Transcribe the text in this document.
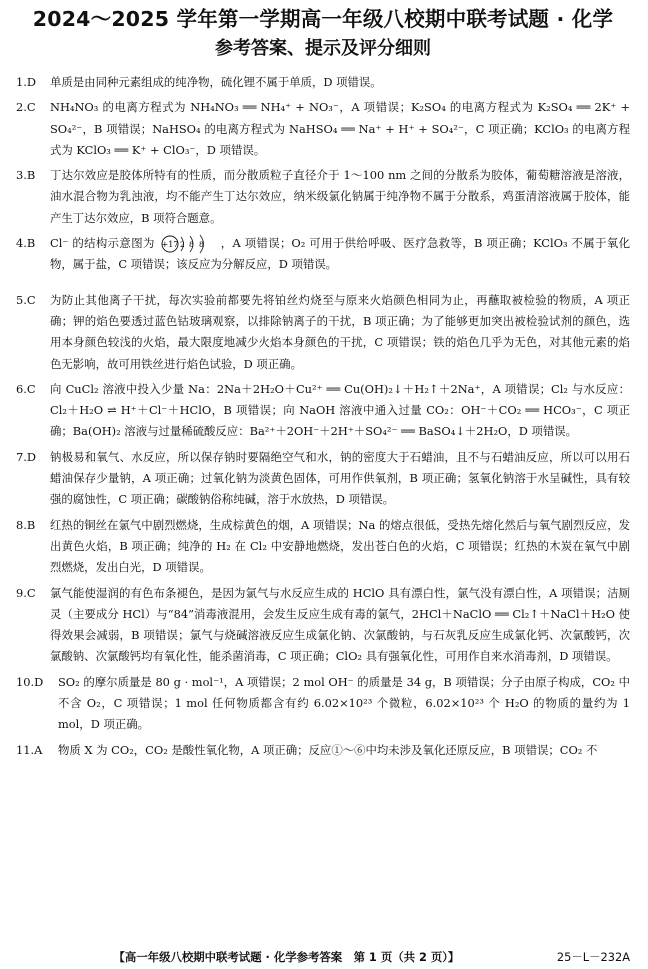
2024～2025 学年第一学期高一年级八校期中联考试题 · 化学
参考答案、提示及评分细则
1.D	单质是由同种元素组成的纯净物，硫化锂不属于单质，D 项错误。
2.C	NH₄NO₃ 的电离方程式为 NH₄NO₃ ══ NH₄⁺ + NO₃⁻，A 项错误；K₂SO₄ 的电离方程式为 K₂SO₄ ══ 2K⁺ + SO₄²⁻，B 项错误；NaHSO₄ 的电离方程式为 NaHSO₄ ══ Na⁺ + H⁺ + SO₄²⁻，C 项正确；KClO₃ 的电离方程式为 KClO₃ ══ K⁺ + ClO₃⁻，D 项错误。
3.B	丁达尔效应是胶体所特有的性质，而分散质粒子直径介于 1～100 nm 之间的分散系为胶体，葡萄糖溶液是溶液，油水混合物为乳浊液，均不能产生丁达尔效应，纳米级氯化钠属于纯净物不属于分散系，鸡蛋清溶液属于胶体，能产生丁达尔效应，B 项符合题意。
4.B	Cl⁻ 的结构示意图为 +17 2 8 8 ，A 项错误；O₂ 可用于供给呼吸、医疗急救等，B 项正确；KClO₃ 不属于氧化物，属于盐，C 项错误；该反应为分解反应，D 项错误。
5.C	为防止其他离子干扰，每次实验前都要先将铂丝灼烧至与原来火焰颜色相同为止，再蘸取被检验的物质，A 项正确；钾的焰色要透过蓝色钴玻璃观察，以排除钠离子的干扰，B 项正确；为了能够更加突出被检验试剂的颜色，选用本身颜色较浅的火焰，最大限度地减少火焰本身颜色的干扰，C 项错误；铁的焰色几乎为无色，对其他元素的焰色无影响，故可用铁丝进行焰色试验，D 项正确。
6.C	向 CuCl₂ 溶液中投入少量 Na：2Na＋2H₂O＋Cu²⁺ ══ Cu(OH)₂↓＋H₂↑＋2Na⁺，A 项错误；Cl₂ 与水反应：Cl₂＋H₂O ⇌ H⁺＋Cl⁻＋HClO，B 项错误；向 NaOH 溶液中通入过量 CO₂：OH⁻＋CO₂ ══ HCO₃⁻，C 项正确；Ba(OH)₂ 溶液与过量稀硫酸反应：Ba²⁺＋2OH⁻＋2H⁺＋SO₄²⁻ ══ BaSO₄↓＋2H₂O，D 项错误。
7.D	钠极易和氧气、水反应，所以保存钠时要隔绝空气和水，钠的密度大于石蜡油，且不与石蜡油反应，所以可以用石蜡油保存少量钠，A 项正确；过氧化钠为淡黄色固体，可用作供氧剂，B 项正确；氢氧化钠溶于水呈碱性，具有较强的腐蚀性，C 项正确；碳酸钠俗称纯碱，溶于水放热，D 项错误。
8.B	红热的铜丝在氯气中剧烈燃烧，生成棕黄色的烟，A 项错误；Na 的熔点很低，受热先熔化然后与氧气剧烈反应，发出黄色火焰，B 项正确；纯净的 H₂ 在 Cl₂ 中安静地燃烧，发出苍白色的火焰，C 项错误；红热的木炭在氧气中剧烈燃烧，发出白光，D 项错误。
9.C	氯气能使湿润的有色布条褪色，是因为氯气与水反应生成的 HClO 具有漂白性，氯气没有漂白性，A 项错误；洁厕灵（主要成分 HCl）与“84”消毒液混用，会发生反应生成有毒的氯气，2HCl＋NaClO ══ Cl₂↑＋NaCl＋H₂O 使得效果会减弱，B 项错误；氯气与烧碱溶液反应生成氯化钠、次氯酸钠，与石灰乳反应生成氯化钙、次氯酸钙，次氯酸钠、次氯酸钙均有氧化性，能杀菌消毒，C 项正确；ClO₂ 具有强氧化性，可用作自来水消毒剂，D 项错误。
10.D	SO₂ 的摩尔质量是 80 g · mol⁻¹，A 项错误；2 mol OH⁻ 的质量是 34 g，B 项错误；分子由原子构成，CO₂ 中不含 O₂，C 项错误；1 mol 任何物质都含有约 6.02×10²³ 个微粒，6.02×10²³ 个 H₂O 的物质的量约为 1 mol，D 项正确。
11.A	物质 X 为 CO₂，CO₂ 是酸性氧化物，A 项正确；反应①～⑥中均未涉及氧化还原反应，B 项错误；CO₂ 不
【高一年级八校期中联考试题 · 化学参考答案　第 1 页（共 2 页）】	25－L－232A
